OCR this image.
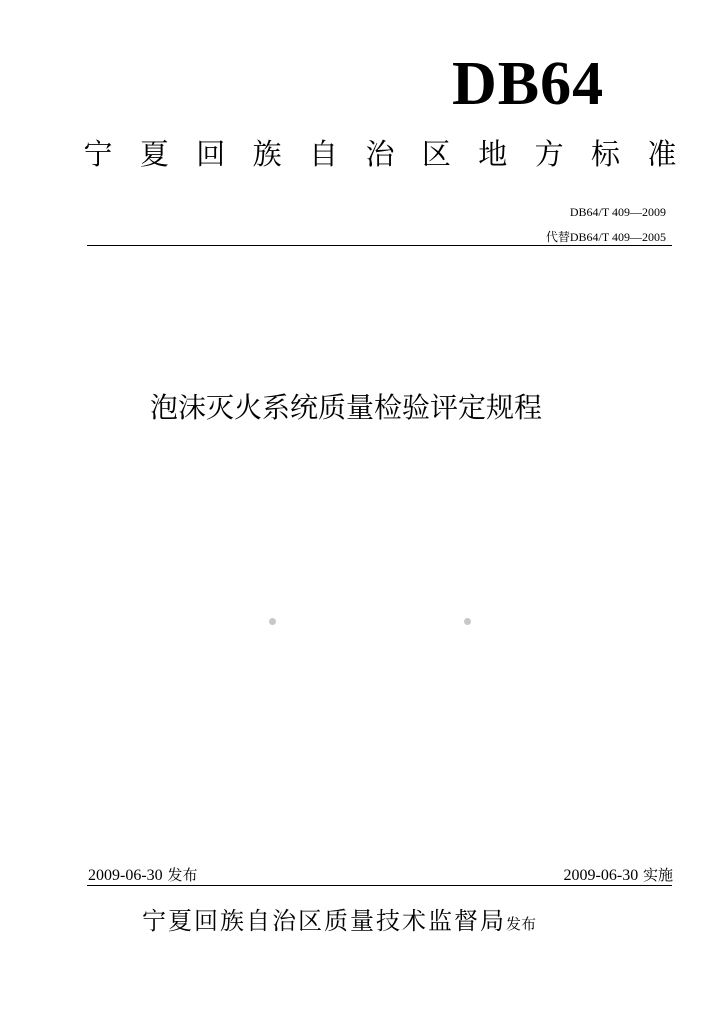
DB64
宁 夏 回 族 自 治 区 地 方 标 准
DB64/T 409—2009
代替DB64/T 409—2005
泡沫灭火系统质量检验评定规程
2009-06-30 发布	2009-06-30 实施
宁夏回族自治区质量技术监督局发布
